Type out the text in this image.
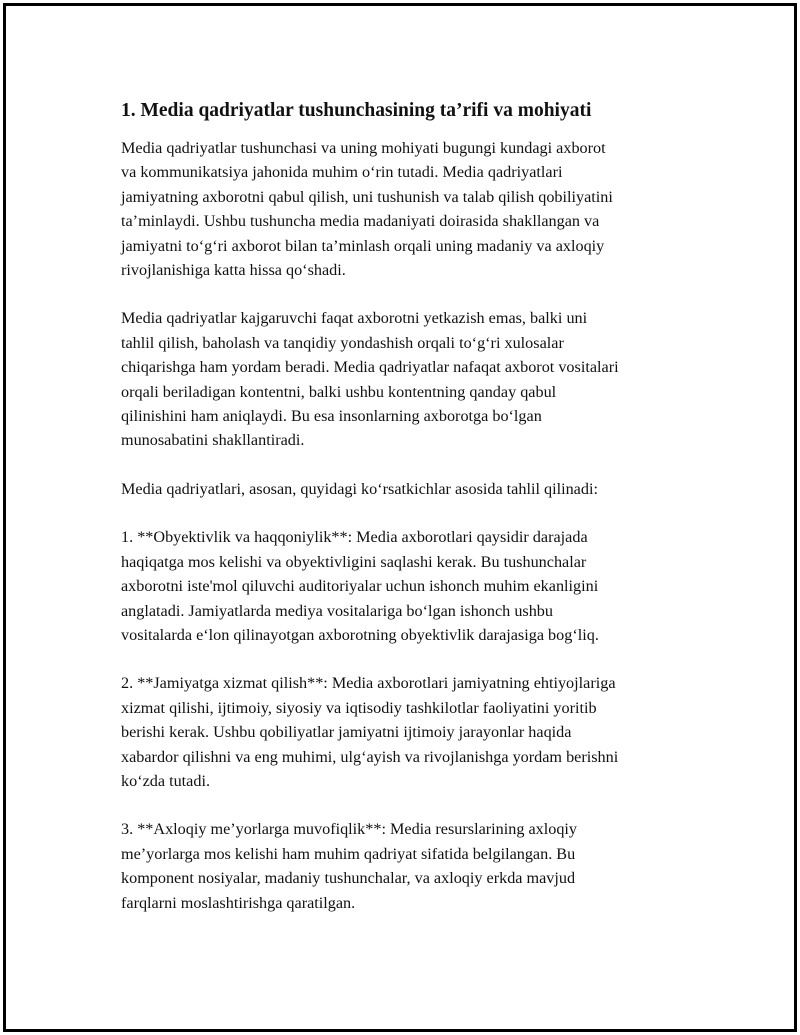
1. Media qadriyatlar tushunchasining ta’rifi va mohiyati

Media qadriyatlar tushunchasi va uning mohiyati bugungi kundagi axborot
va kommunikatsiya jahonida muhim o‘rin tutadi. Media qadriyatlari
jamiyatning axborotni qabul qilish, uni tushunish va talab qilish qobiliyatini
ta’minlaydi. Ushbu tushuncha media madaniyati doirasida shakllangan va
jamiyatni to‘g‘ri axborot bilan ta’minlash orqali uning madaniy va axloqiy
rivojlanishiga katta hissa qo‘shadi.

Media qadriyatlar kajgaruvchi faqat axborotni yetkazish emas, balki uni
tahlil qilish, baholash va tanqidiy yondashish orqali to‘g‘ri xulosalar
chiqarishga ham yordam beradi. Media qadriyatlar nafaqat axborot vositalari
orqali beriladigan kontentni, balki ushbu kontentning qanday qabul
qilinishini ham aniqlaydi. Bu esa insonlarning axborotga bo‘lgan
munosabatini shakllantiradi.

Media qadriyatlari, asosan, quyidagi ko‘rsatkichlar asosida tahlil qilinadi:

1. **Obyektivlik va haqqoniylik**: Media axborotlari qaysidir darajada
haqiqatga mos kelishi va obyektivligini saqlashi kerak. Bu tushunchalar
axborotni iste'mol qiluvchi auditoriyalar uchun ishonch muhim ekanligini
anglatadi. Jamiyatlarda mediya vositalariga bo‘lgan ishonch ushbu
vositalarda e‘lon qilinayotgan axborotning obyektivlik darajasiga bog‘liq.

2. **Jamiyatga xizmat qilish**: Media axborotlari jamiyatning ehtiyojlariga
xizmat qilishi, ijtimoiy, siyosiy va iqtisodiy tashkilotlar faoliyatini yoritib
berishi kerak. Ushbu qobiliyatlar jamiyatni ijtimoiy jarayonlar haqida
xabardor qilishni va eng muhimi, ulg‘ayish va rivojlanishga yordam berishni
ko‘zda tutadi.

3. **Axloqiy me’yorlarga muvofiqlik**: Media resurslarining axloqiy
me’yorlarga mos kelishi ham muhim qadriyat sifatida belgilangan. Bu
komponent nosiyalar, madaniy tushunchalar, va axloqiy erkda mavjud
farqlarni moslashtirishga qaratilgan.
